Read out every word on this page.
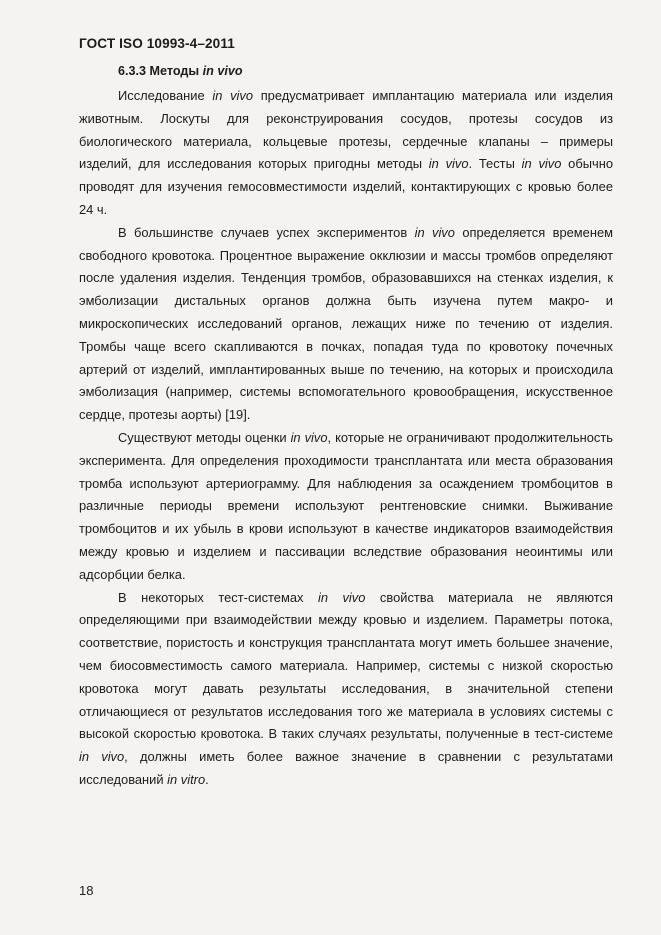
ГОСТ ISO 10993-4–2011
6.3.3 Методы in vivo

Исследование in vivo предусматривает имплантацию материала или изделия животным. Лоскуты для реконструирования сосудов, протезы сосудов из биологического материала, кольцевые протезы, сердечные клапаны – примеры изделий, для исследования которых пригодны методы in vivo. Тесты in vivo обычно проводят для изучения гемосовместимости изделий, контактирующих с кровью более 24 ч.

В большинстве случаев успех экспериментов in vivo определяется временем свободного кровотока. Процентное выражение окклюзии и массы тромбов определяют после удаления изделия. Тенденция тромбов, образовавшихся на стенках изделия, к эмболизации дистальных органов должна быть изучена путем макро- и микроскопических исследований органов, лежащих ниже по течению от изделия. Тромбы чаще всего скапливаются в почках, попадая туда по кровотоку почечных артерий от изделий, имплантированных выше по течению, на которых и происходила эмболизация (например, системы вспомогательного кровообращения, искусственное сердце, протезы аорты) [19].

Существуют методы оценки in vivo, которые не ограничивают продолжительность эксперимента. Для определения проходимости трансплантата или места образования тромба используют артериограмму. Для наблюдения за осаждением тромбоцитов в различные периоды времени используют рентгеновские снимки. Выживание тромбоцитов и их убыль в крови используют в качестве индикаторов взаимодействия между кровью и изделием и пассивации вследствие образования неоинтимы или адсорбции белка.

В некоторых тест-системах in vivo свойства материала не являются определяющими при взаимодействии между кровью и изделием. Параметры потока, соответствие, пористость и конструкция трансплантата могут иметь большее значение, чем биосовместимость самого материала. Например, системы с низкой скоростью кровотока могут давать результаты исследования, в значительной степени отличающиеся от результатов исследования того же материала в условиях системы с высокой скоростью кровотока. В таких случаях результаты, полученные в тест-системе in vivo, должны иметь более важное значение в сравнении с результатами исследований in vitro.

18
